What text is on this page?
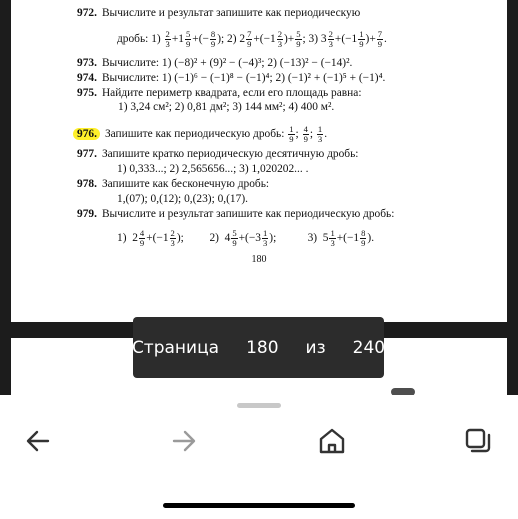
972. Вычислите и результат запишите как периодическую
дробь: $1) \frac{2}{3} +1 \frac{5}{9}$ +(− $\frac{8}{9}$ ); 2) $2 \frac{7}{9} +(-1 \frac{2}{3}$ )+ $\frac{5}{9}$ ; 3) $3 \frac{2}{3} +(-1 \frac{1}{9}$ )+ $\frac{7}{9}$ .
973. Вычислите: 1) (−8)² + (9)² − (−4)³; 2) (−13)² − (−14)².
974. Вычислите: 1) (−1)⁶ − (−1)⁸ − (−1)⁴; 2) (−1)² + (−1)⁵ + (−1)⁴.
975. Найдите периметр квадрата, если его площадь равна:
1) 3,24 см²; 2) 0,81 дм²; 3) 144 мм²; 4) 400 м².
976. Запишите как периодическую дробь: $\frac{1}{9}$ ; $\frac{4}{9}$ ; $\frac{1}{3}$ .
977. Запишите кратко периодическую десятичную дробь:
1) 0,333...; 2) 2,565656...; 3) 1,020202... .
978. Запишите как бесконечную дробь:
1,(07); 0,(12); 0,(23); 0,(17).
979. Вычислите и результат запишите как периодическую дробь:
1)  $2 \frac{4}{9} +(-1 \frac{2}{3}$ ); 2)  $4 \frac{5}{9} +(-3 \frac{1}{3}$ );	3)  $5 \frac{1}{3} +(-1 \frac{8}{9}$ ).
180
Страница 180 из 240
